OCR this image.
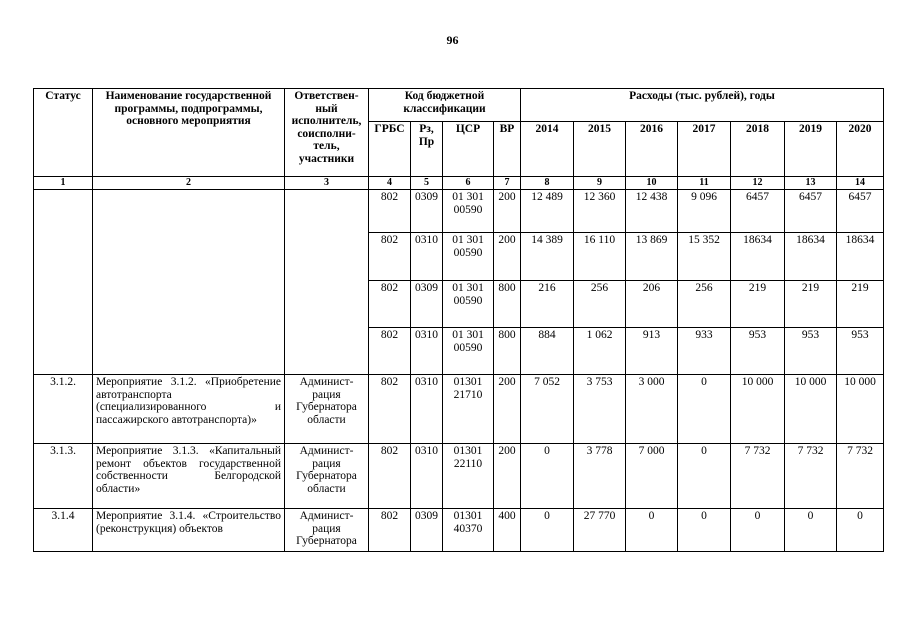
96
Статус	Наименование государственной программы, подпрограммы, основного мероприятия	Ответствен-ный исполнитель, соисполни-тель, участники	Код бюджетной классификации				Расходы (тыс. рублей), годы						
			ГРБС	Рз, Пр	ЦСР	ВР	2014	2015	2016	2017	2018	2019	2020
1	2	3	4	5	6	7	8	9	10	11	12	13	14
			802	0309	01 301 00590	200	12 489	12 360	12 438	9 096	6457	6457	6457
			802	0310	01 301 00590	200	14 389	16 110	13 869	15 352	18634	18634	18634
			802	0309	01 301 00590	800	216	256	206	256	219	219	219
			802	0310	01 301 00590	800	884	1 062	913	933	953	953	953
3.1.2.	Мероприятие 3.1.2. «Приобретение автотранспорта (специализированного и пассажирского автотранспорта)»	Админист-рация Губернатора области	802	0310	01301 21710	200	7 052	3 753	3 000	0	10 000	10 000	10 000
3.1.3.	Мероприятие 3.1.3. «Капитальный ремонт объектов государственной собственности Белгородской области»	Админист-рация Губернатора области	802	0310	01301 22110	200	0	3 778	7 000	0	7 732	7 732	7 732
3.1.4	Мероприятие 3.1.4. «Строительство (реконструкция) объектов	Админист-рация Губернатора	802	0309	01301 40370	400	0	27 770	0	0	0	0	0
